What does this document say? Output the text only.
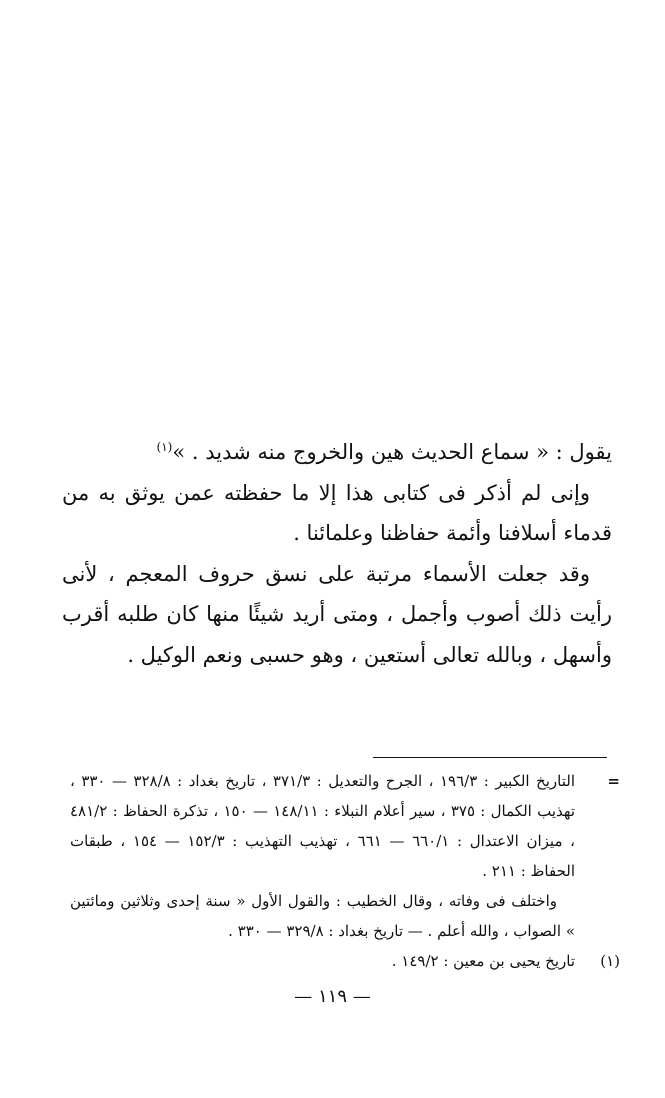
يقول : « سماع الحديث هين والخروج منه شديد . »$^{(١)}$

وإنى لم أذكر فى كتابى هذا إلا ما حفظته عمن يوثق به من قدماء أسلافنا وأئمة حفاظنا وعلمائنا .

وقد جعلت الأسماء مرتبة على نسق حروف المعجم ، لأنى رأيت ذلك أصوب وأجمل ، ومتى أريد شيئًا منها كان طلبه أقرب وأسهل ، وبالله تعالى أستعين ، وهو حسبى ونعم الوكيل .

=
التاريخ الكبير : ١٩٦/٣ ، الجرح والتعديل : ٣٧١/٣ ، تاريخ بغداد : ٣٢٨/٨ — ٣٣٠ ، تهذيب الكمال : ٣٧٥ ، سير أعلام النبلاء : ١٤٨/١١ — ١٥٠ ، تذكرة الحفاظ : ٤٨١/٢ ، ميزان الاعتدال : ٦٦٠/١ — ٦٦١ ، تهذيب التهذيب : ١٥٢/٣ — ١٥٤ ، طبقات الحفاظ : ٢١١ .

واختلف فى وفاته ، وقال الخطيب : والقول الأول « سنة إحدى وثلاثين ومائتين » الصواب ، والله أعلم . — تاريخ بغداد : ٣٢٩/٨ — ٣٣٠ .

(١)
تاريخ يحيى بن معين : ١٤٩/٢ .

— ١١٩ —
